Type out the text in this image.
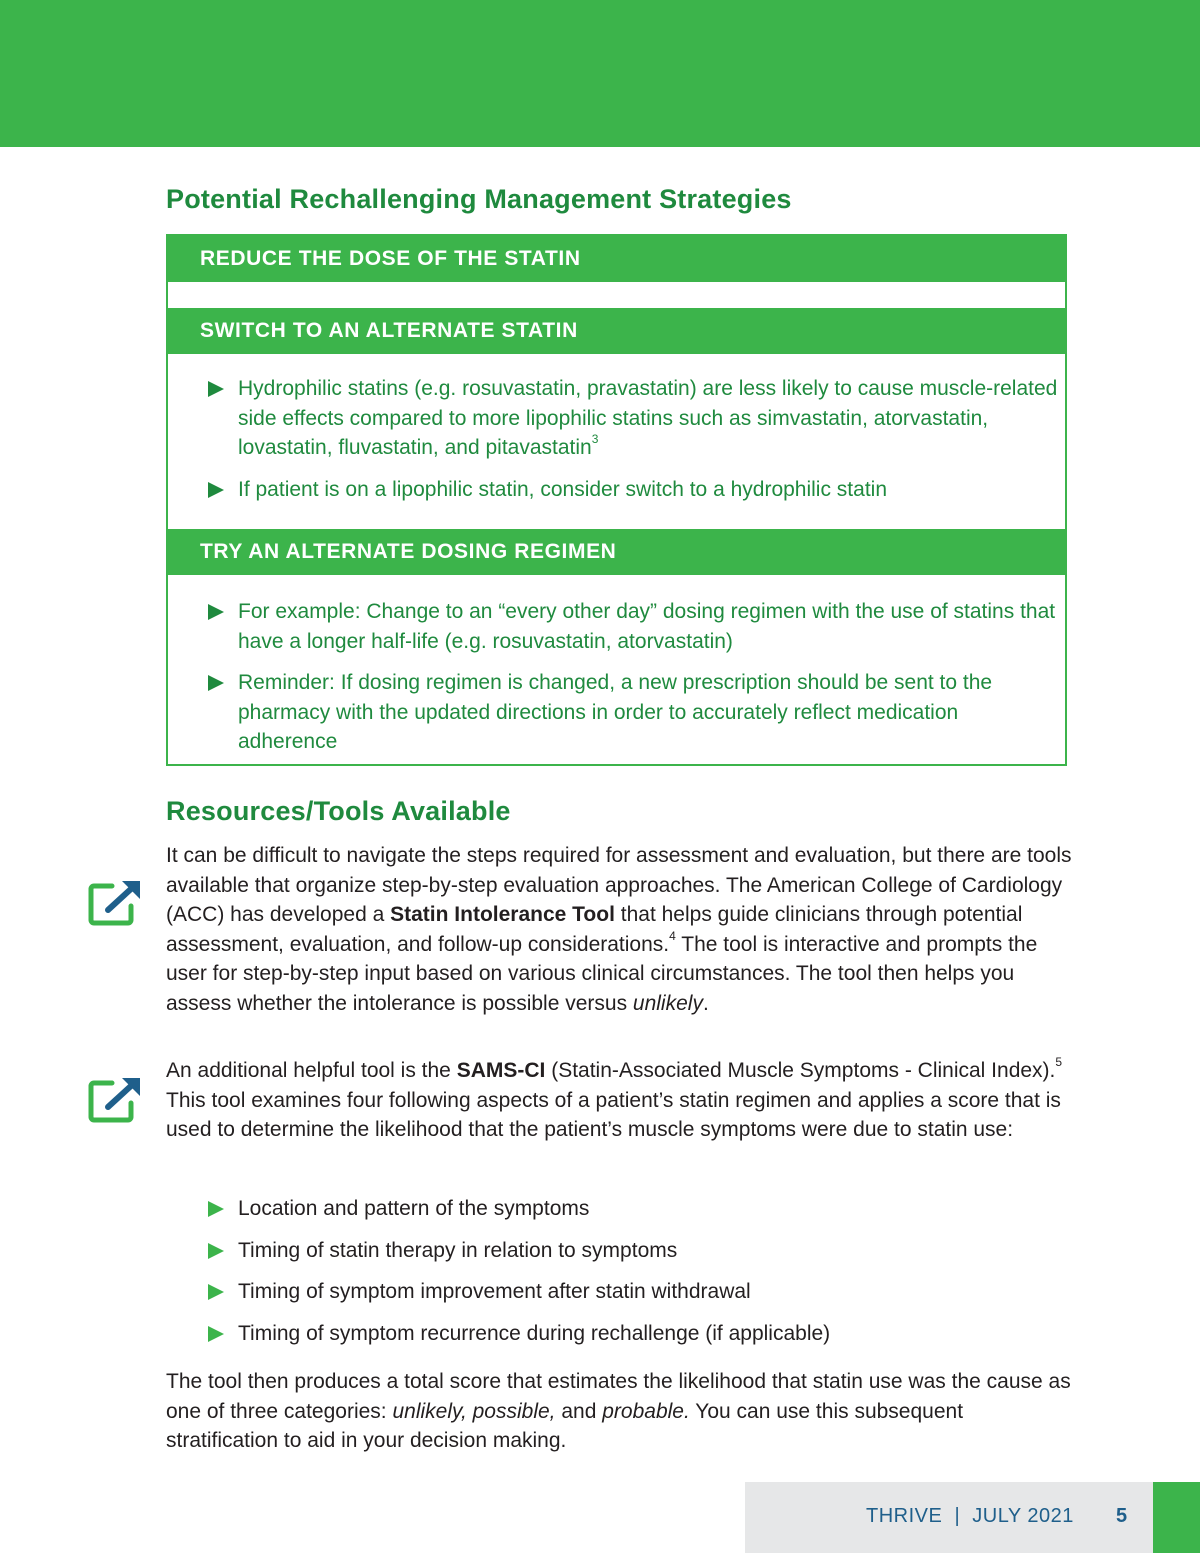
Potential Rechallenging Management Strategies
REDUCE THE DOSE OF THE STATIN
SWITCH TO AN ALTERNATE STATIN
Hydrophilic statins (e.g. rosuvastatin, pravastatin) are less likely to cause muscle-related side effects compared to more lipophilic statins such as simvastatin, atorvastatin, lovastatin, fluvastatin, and pitavastatin$^3$
If patient is on a lipophilic statin, consider switch to a hydrophilic statin
TRY AN ALTERNATE DOSING REGIMEN
For example: Change to an “every other day” dosing regimen with the use of statins that have a longer half-life (e.g. rosuvastatin, atorvastatin)
Reminder: If dosing regimen is changed, a new prescription should be sent to the pharmacy with the updated directions in order to accurately reflect medication adherence
Resources/Tools Available

It can be difficult to navigate the steps required for assessment and evaluation, but there are tools available that organize step-by-step evaluation approaches. The American College of Cardiology (ACC) has developed a Statin Intolerance Tool that helps guide clinicians through potential assessment, evaluation, and follow-up considerations.$^4$ The tool is interactive and prompts the user for step-by-step input based on various clinical circumstances. The tool then helps you assess whether the intolerance is possible versus unlikely.

An additional helpful tool is the SAMS-CI (Statin-Associated Muscle Symptoms - Clinical Index).$^5$ This tool examines four following aspects of a patient’s statin regimen and applies a score that is used to determine the likelihood that the patient’s muscle symptoms were due to statin use:

Location and pattern of the symptoms
Timing of statin therapy in relation to symptoms
Timing of symptom improvement after statin withdrawal
Timing of symptom recurrence during rechallenge (if applicable)

The tool then produces a total score that estimates the likelihood that statin use was the cause as one of three categories: unlikely, possible, and probable. You can use this subsequent stratification to aid in your decision making.

THRIVE | JULY 2021 5
